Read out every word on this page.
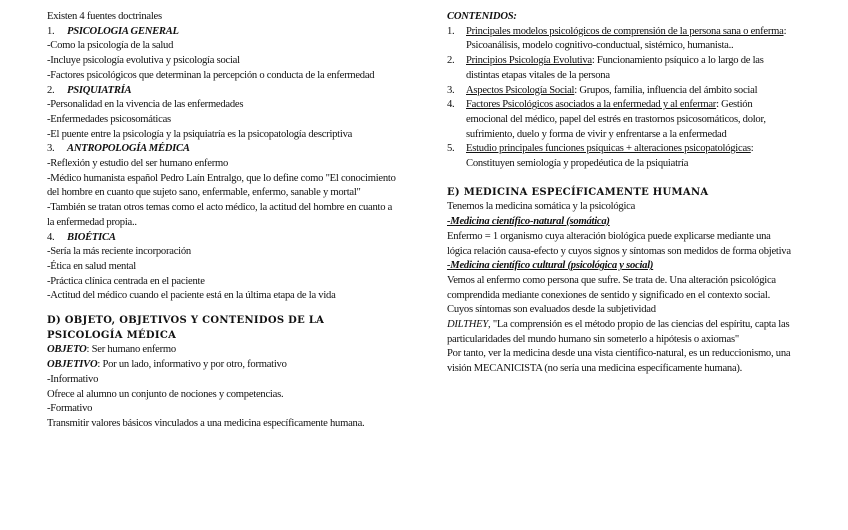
Existen 4 fuentes doctrinales

1. PSICOLOGIA GENERAL

-Como la psicología de la salud

-Incluye psicología evolutiva y psicología social

-Factores psicológicos que determinan la percepción o conducta de la enfermedad

2. PSIQUIATRÍA

-Personalidad en la vivencia de las enfermedades

-Enfermedades psicosomáticas

-El puente entre la psicología y la psiquiatría es la psicopatología descriptiva

3. ANTROPOLOGÍA MÉDICA

-Reflexión y estudio del ser humano enfermo

-Médico humanista español Pedro Laín Entralgo, que lo define como "El conocimiento del hombre en cuanto que sujeto sano, enfermable, enfermo, sanable y mortal"

-También se tratan otros temas como el acto médico, la actitud del hombre en cuanto a la enfermedad propia..

4. BIOÉTICA

-Sería la más reciente incorporación

-Ética en salud mental

-Práctica clínica centrada en el paciente

-Actitud del médico cuando el paciente está en la última etapa de la vida

D) OBJETO, OBJETIVOS Y CONTENIDOS DE LA PSICOLOGÍA MÉDICA

OBJETO: Ser humano enfermo

OBJETIVO: Por un lado, informativo y por otro, formativo

-Informativo

Ofrece al alumno un conjunto de nociones y competencias.

-Formativo

Transmitir valores básicos vinculados a una medicina específicamente humana.

CONTENIDOS:

1. Principales modelos psicológicos de comprensión de la persona sana o enferma: Psicoanálisis, modelo cognitivo-conductual, sistémico, humanista..
2. Principios Psicología Evolutiva: Funcionamiento psíquico a lo largo de las distintas etapas vitales de la persona
3. Aspectos Psicología Social: Grupos, familia, influencia del ámbito social
4. Factores Psicológicos asociados a la enfermedad y al enfermar: Gestión emocional del médico, papel del estrés en trastornos psicosomáticos, dolor, sufrimiento, duelo y forma de vivir y enfrentarse a la enfermedad
5. Estudio principales funciones psíquicas + alteraciones psicopatológicas: Constituyen semiología y propedéutica de la psiquiatría

E) MEDICINA ESPECÍFICAMENTE HUMANA

Tenemos la medicina somática y la psicológica

-Medicina científico-natural (somática)

Enfermo = 1 organismo cuya alteración biológica puede explicarse mediante una lógica relación causa-efecto y cuyos signos y síntomas son medidos de forma objetiva

-Medicina científico cultural (psicológica y social)

Vemos al enfermo como persona que sufre. Se trata de. Una alteración psicológica comprendida mediante conexiones de sentido y significado en el contexto social. Cuyos síntomas son evaluados desde la subjetividad

DILTHEY, "La comprensión es el método propio de las ciencias del espíritu, capta las particularidades del mundo humano sin someterlo a hipótesis o axiomas"

Por tanto, ver la medicina desde una vista científico-natural, es un reduccionismo, una visión MECANICISTA (no sería una medicina específicamente humana).
